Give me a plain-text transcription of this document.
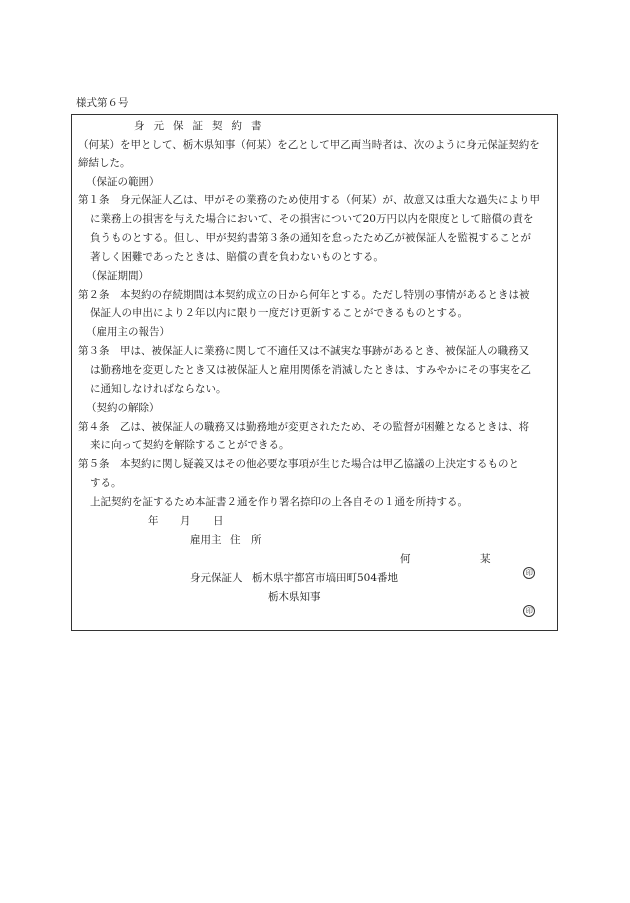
様式第６号
身元保証契約書
（何某）を甲として、栃木県知事（何某）を乙として甲乙両当時者は、次のように身元保証契約を
締結した。
（保証の範囲）
第１条　身元保証人乙は、甲がその業務のため使用する（何某）が、故意又は重大な過失により甲
に業務上の損害を与えた場合において、その損害について20万円以内を限度として賠償の責を
負うものとする。但し、甲が契約書第３条の通知を怠ったため乙が被保証人を監視することが
著しく困難であったときは、賠償の責を負わないものとする。
（保証期間）
第２条　本契約の存続期間は本契約成立の日から何年とする。ただし特別の事情があるときは被
保証人の申出により２年以内に限り一度だけ更新することができるものとする。
（雇用主の報告）
第３条　甲は、被保証人に業務に関して不適任又は不誠実な事跡があるとき、被保証人の職務又
は勤務地を変更したとき又は被保証人と雇用関係を消滅したときは、すみやかにその事実を乙
に通知しなければならない。
（契約の解除）
第４条　乙は、被保証人の職務又は勤務地が変更されたため、その監督が困難となるときは、将
来に向って契約を解除することができる。
第５条　本契約に関し疑義又はその他必要な事項が生じた場合は甲乙協議の上決定するものと
する。
上記契約を証するため本証書２通を作り署名捺印の上各自その１通を所持する。
年 月 日
雇用主 住　所
何	某

印

身元保証人 栃木県宇都宮市塙田町504番地
栃木県知事

印
